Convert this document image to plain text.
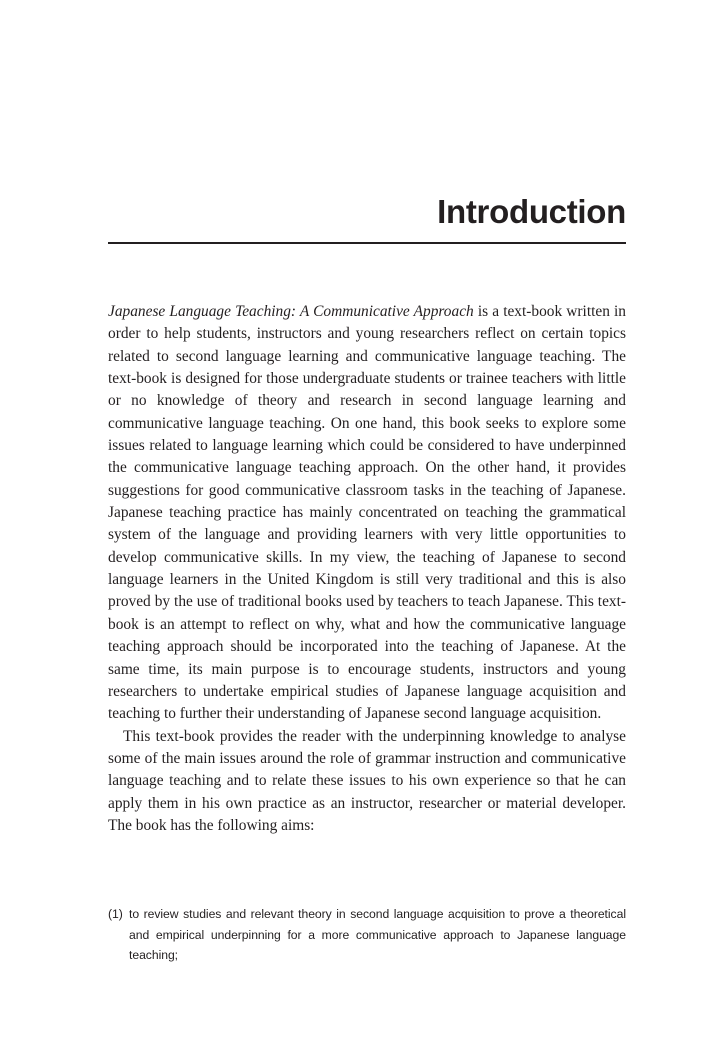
Introduction

Japanese Language Teaching: A Communicative Approach is a text-book written in order to help students, instructors and young researchers reflect on certain topics related to second language learning and communicative language teaching. The text-book is designed for those undergraduate students or trainee teachers with little or no knowledge of theory and research in second language learning and communicative language teaching. On one hand, this book seeks to explore some issues related to language learning which could be considered to have underpinned the communicative language teaching approach. On the other hand, it provides suggestions for good communicative classroom tasks in the teaching of Japanese. Japanese teaching practice has mainly concentrated on teaching the grammatical system of the language and providing learners with very little opportunities to develop communicative skills. In my view, the teaching of Japanese to second language learners in the United Kingdom is still very traditional and this is also proved by the use of traditional books used by teachers to teach Japanese. This text-book is an attempt to reflect on why, what and how the communicative language teaching approach should be incorporated into the teaching of Japanese. At the same time, its main purpose is to encourage students, instructors and young researchers to undertake empirical studies of Japanese language acquisition and teaching to further their understanding of Japanese second language acquisition.

This text-book provides the reader with the underpinning knowledge to analyse some of the main issues around the role of grammar instruction and communicative language teaching and to relate these issues to his own experience so that he can apply them in his own practice as an instructor, researcher or material developer. The book has the following aims:

(1) to review studies and relevant theory in second language acquisition to prove a theoretical and empirical underpinning for a more communicative approach to Japanese language teaching;
